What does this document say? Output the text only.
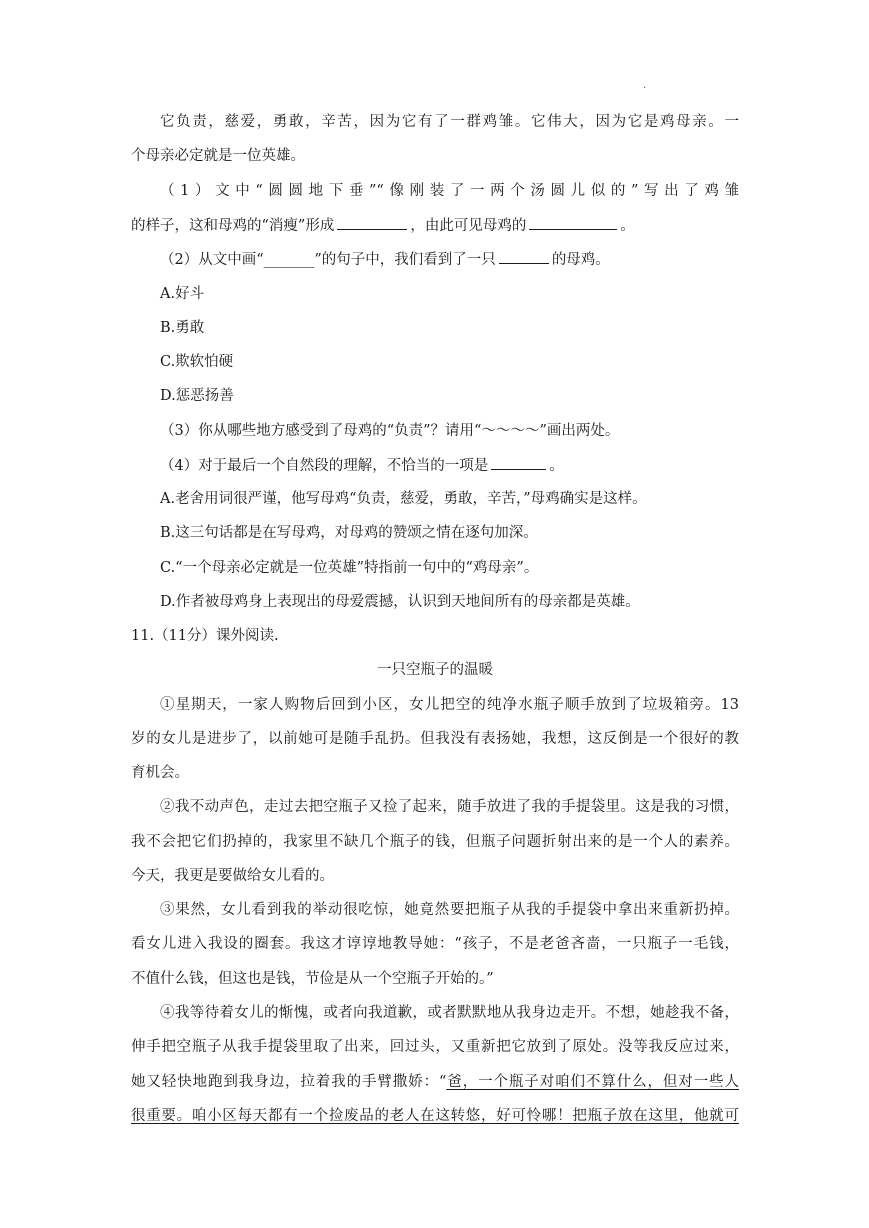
·
它负责，慈爱，勇敢，辛苦，因为它有了一群鸡雏。它伟大，因为它是鸡母亲。一
个母亲必定就是一位英雄。
（1）文中“圆圆地下垂”“像刚装了一两个汤圆儿似的”写出了鸡雏
的样子，这和母鸡的“消瘦”形成	，由此可见母鸡的	。
（2）从文中画“_______”的句子中，我们看到了一只	的母鸡。
A.好斗
B.勇敢
C.欺软怕硬
D.惩恶扬善
（3）你从哪些地方感受到了母鸡的“负责”？请用“～～～～”画出两处。
（4）对于最后一个自然段的理解，不恰当的一项是	。
A.老舍用词很严谨，他写母鸡“负责，慈爱，勇敢，辛苦，”母鸡确实是这样。
B.这三句话都是在写母鸡，对母鸡的赞颂之情在逐句加深。
C.“一个母亲必定就是一位英雄”特指前一句中的“鸡母亲”。
D.作者被母鸡身上表现出的母爱震撼，认识到天地间所有的母亲都是英雄。
11.（11分）课外阅读.
一只空瓶子的温暖
①星期天，一家人购物后回到小区，女儿把空的纯净水瓶子顺手放到了垃圾箱旁。13
岁的女儿是进步了，以前她可是随手乱扔。但我没有表扬她，我想，这反倒是一个很好的教
育机会。
②我不动声色，走过去把空瓶子又捡了起来，随手放进了我的手提袋里。这是我的习惯，
我不会把它们扔掉的，我家里不缺几个瓶子的钱，但瓶子问题折射出来的是一个人的素养。
今天，我更是要做给女儿看的。
③果然，女儿看到我的举动很吃惊，她竟然要把瓶子从我的手提袋中拿出来重新扔掉。
看女儿进入我设的圈套。我这才谆谆地教导她：“孩子，不是老爸吝啬，一只瓶子一毛钱，
不值什么钱，但这也是钱，节俭是从一个空瓶子开始的。”
④我等待着女儿的惭愧，或者向我道歉，或者默默地从我身边走开。不想，她趁我不备，
伸手把空瓶子从我手提袋里取了出来，回过头，又重新把它放到了原处。没等我反应过来，
她又轻快地跑到我身边，拉着我的手臂撒娇：“爸，一个瓶子对咱们不算什么，但对一些人
很重要。咱小区每天都有一个捡废品的老人在这转悠，好可怜哪！把瓶子放在这里，他就可
